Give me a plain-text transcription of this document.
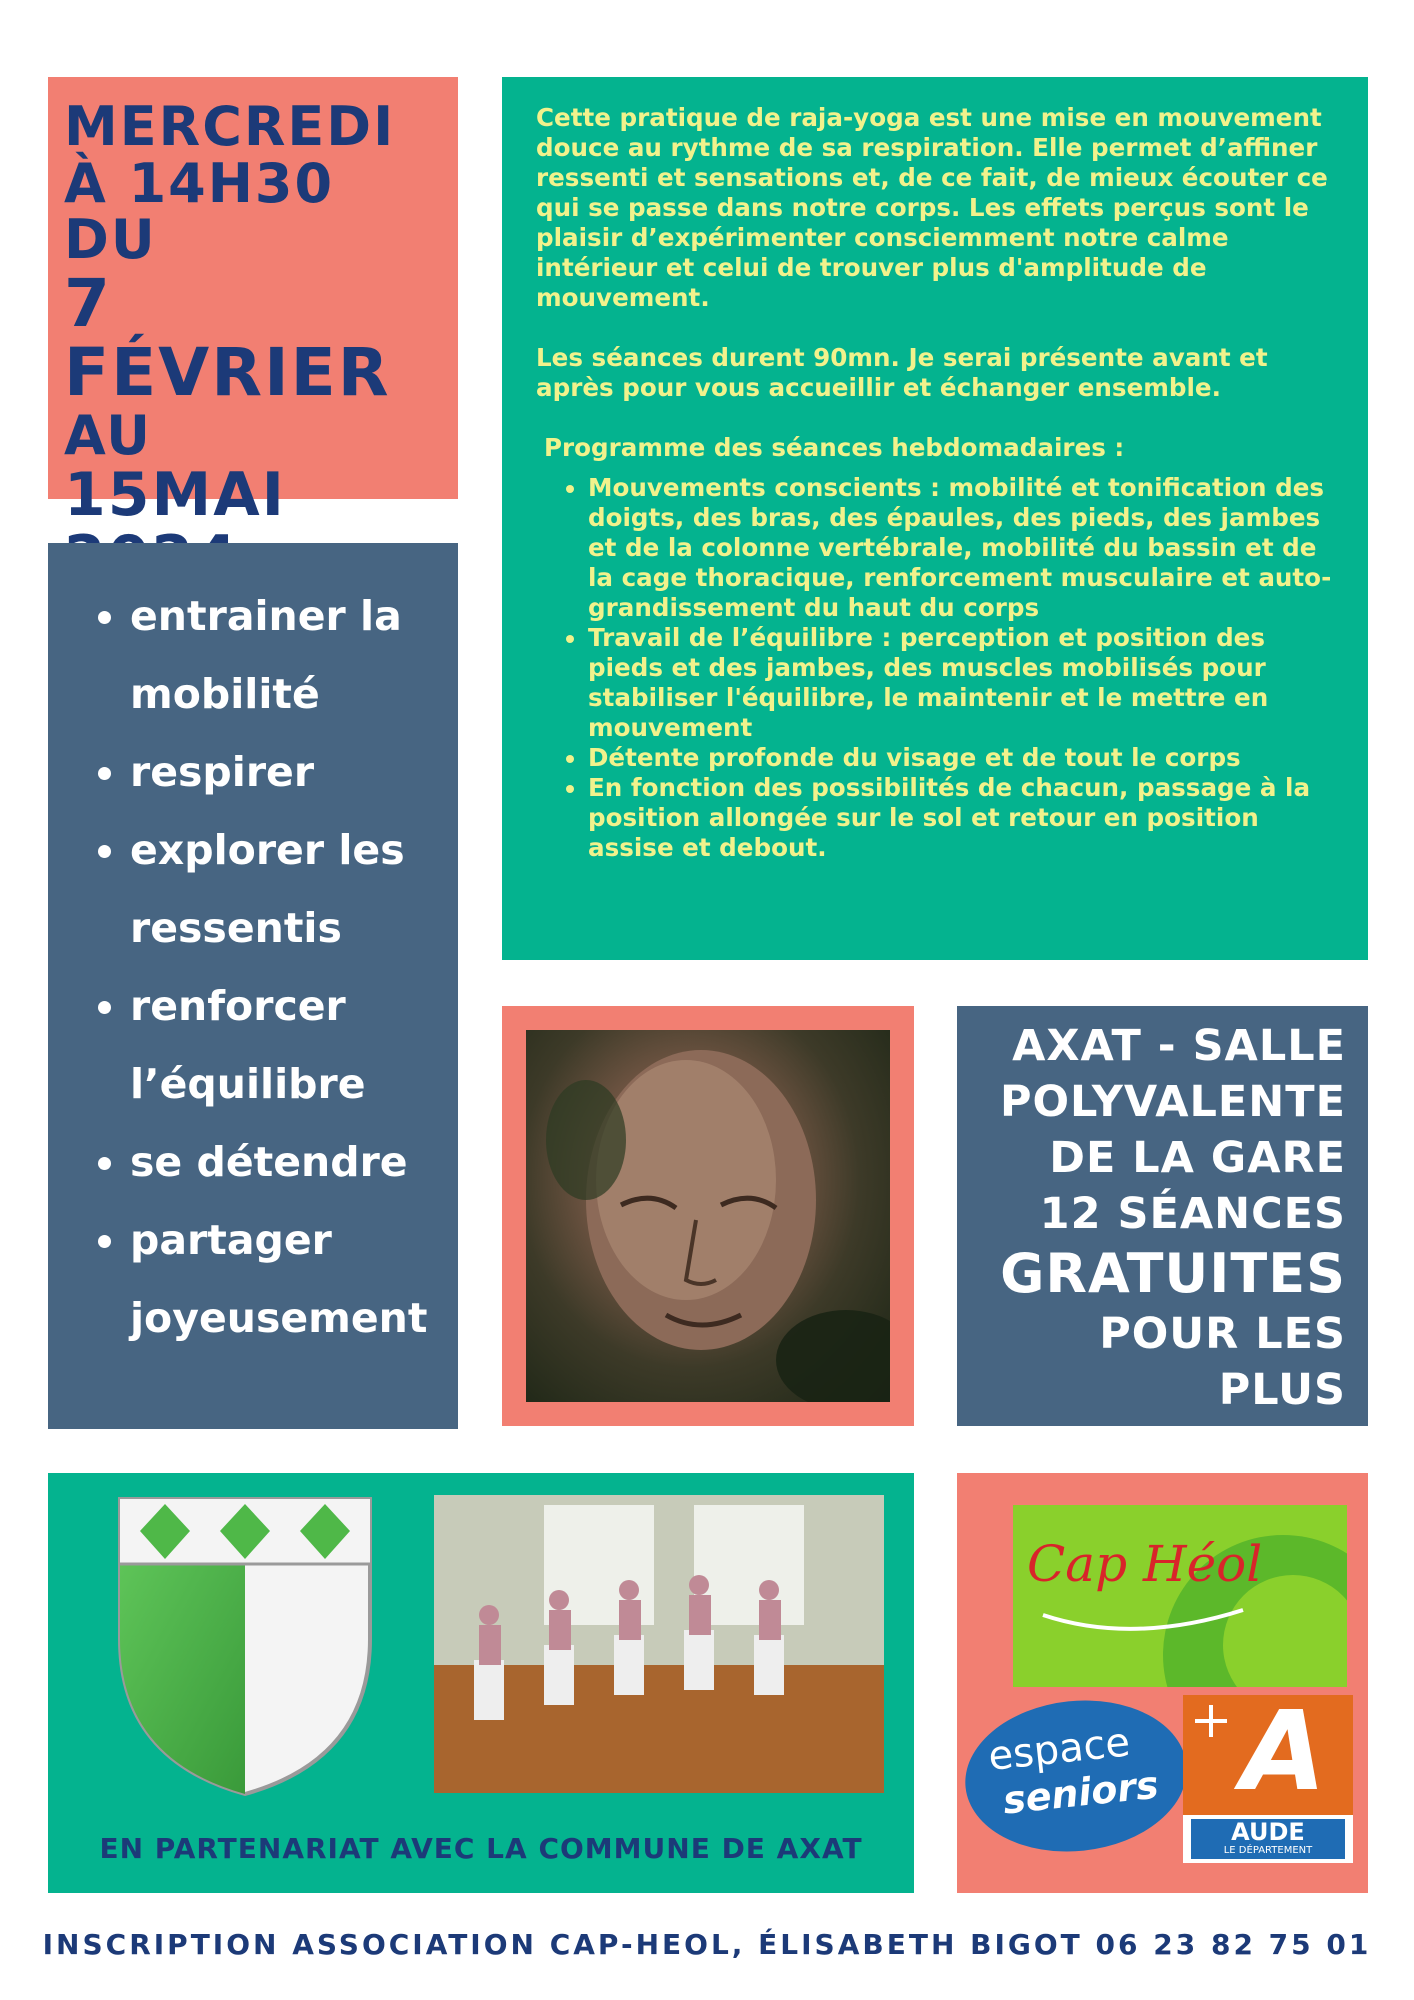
MERCREDI
À 14H30
DU
7 FÉVRIER
AU
15MAI
• entrainer la mobilité
• respirer
• explorer les ressentis
• renforcer l’équilibre
• se détendre
• partager joyeusement

Cette pratique de raja-yoga est une mise en mouvement douce au rythme de sa respiration. Elle permet d’affiner ressenti et sensations et, de ce fait, de mieux écouter ce qui se passe dans notre corps. Les effets perçus sont le plaisir d’expérimenter consciemment notre calme intérieur et celui de trouver plus d'amplitude de mouvement.

Les séances durent 90mn. Je serai présente avant et après pour vous accueillir et échanger ensemble.

Programme des séances hebdomadaires :

• Mouvements conscients : mobilité et tonification des doigts, des bras, des épaules, des pieds, des jambes et de la colonne vertébrale, mobilité du bassin et de la cage thoracique, renforcement musculaire et auto-grandissement du haut du corps
• Travail de l’équilibre : perception et position des pieds et des jambes, des muscles mobilisés pour stabiliser l'équilibre, le maintenir et le mettre en mouvement
• Détente profonde du visage et de tout le corps
• En fonction des possibilités de chacun, passage à la position allongée sur le sol et retour en position assise et debout.
AXAT - SALLE
POLYVALENTE
DE LA GARE
12 SÉANCES
GRATUITES
POUR LES PLUS
DE 60ANS
EN PARTENARIAT AVEC LA COMMUNE DE AXAT
Cap Héol
espace
seniors A
AUDE
LE DÉPARTEMENT
INSCRIPTION ASSOCIATION CAP-HEOL, ÉLISABETH BIGOT 06 23 82 75 01
